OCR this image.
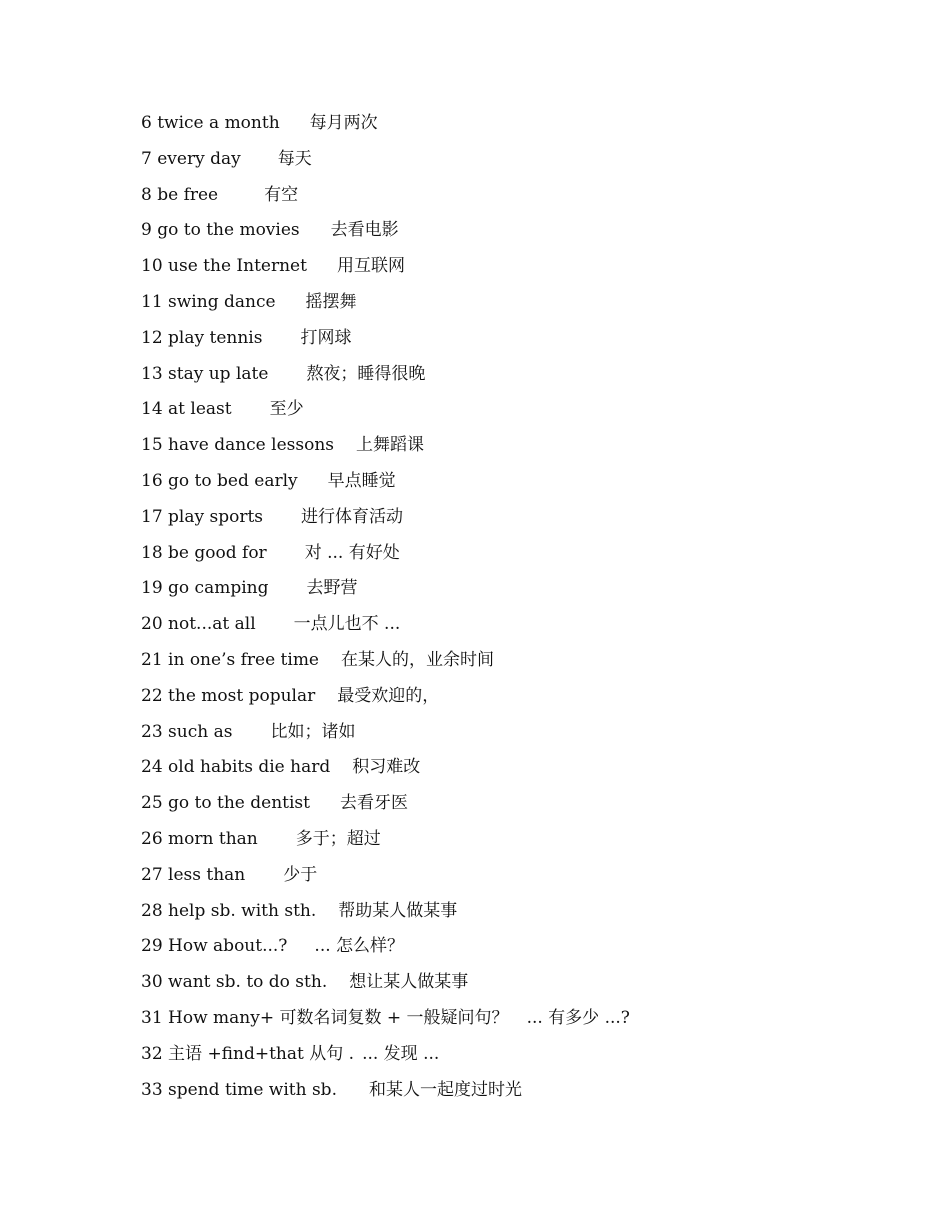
6 twice a month 每月两次
7 every day 每天
8 be free	有空
9 go to the movies 去看电影
10 use the Internet 用互联网
11 swing dance 摇摆舞
12 play tennis 打网球
13 stay up late 熬夜；睡得很晚
14 at least 至少
15 have dance lessons 上舞蹈课
16 go to bed early 早点睡觉
17 play sports 进行体育活动
18 be good for 对 ... 有好处
19 go camping 去野营
20 not...at all 一点儿也不 ...
21 in one’s free time 在某人的，业余时间
22 the most popular 最受欢迎的，
23 such as 比如；诸如
24 old habits die hard 积习难改
25 go to the dentist 去看牙医
26 morn than 多于；超过
27 less than 少于
28 help sb. with sth. 帮助某人做某事
29 How about...? ... 怎么样？
30 want sb. to do sth. 想让某人做某事
31 How many+ 可数名词复数 + 一般疑问句？ ... 有多少 ...?
32 主语 +find+that 从句 . ... 发现 ...
33 spend time with sb. 和某人一起度过时光
